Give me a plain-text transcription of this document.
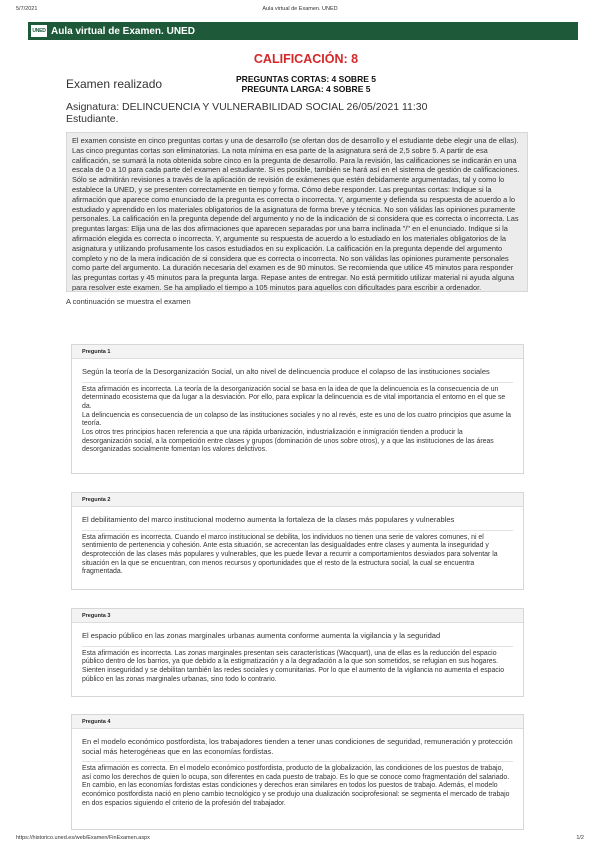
5/7/2021	Aula virtual de Examen. UNED
UNED Aula virtual de Examen. UNED
CALIFICACIÓN: 8
Examen realizado	PREGUNTAS CORTAS: 4 SOBRE 5
PREGUNTA LARGA: 4 SOBRE 5
Asignatura: DELINCUENCIA Y VULNERABILIDAD SOCIAL 26/05/2021 11:30
Estudiante.
El examen consiste en cinco preguntas cortas y una de desarrollo (se ofertan dos de desarrollo y el estudiante debe elegir una de ellas). Las cinco preguntas cortas son eliminatorias. La nota mínima en esa parte de la asignatura será de 2,5 sobre 5. A partir de esa calificación, se sumará la nota obtenida sobre cinco en la pregunta de desarrollo. Para la revisión, las calificaciones se indicarán en una escala de 0 a 10 para cada parte del examen al estudiante. Si es posible, también se hará así en el sistema de gestión de calificaciones. Sólo se admitirán revisiones a través de la aplicación de revisión de exámenes que estén debidamente argumentadas, tal y como lo establece la UNED, y se presenten correctamente en tiempo y forma. Cómo debe responder. Las preguntas cortas: Indique si la afirmación que aparece como enunciado de la pregunta es correcta o incorrecta. Y, argumente y defienda su respuesta de acuerdo a lo estudiado y aprendido en los materiales obligatorios de la asignatura de forma breve y técnica. No son válidas las opiniones puramente personales. La calificación en la pregunta depende del argumento y no de la indicación de si considera que es correcta o incorrecta. Las preguntas largas: Elija una de las dos afirmaciones que aparecen separadas por una barra inclinada "/" en el enunciado. Indique si la afirmación elegida es correcta o incorrecta. Y, argumente su respuesta de acuerdo a lo estudiado en los materiales obligatorios de la asignatura y utilizando profusamente los casos estudiados en su explicación. La calificación en la pregunta depende del argumento completo y no de la mera indicación de si considera que es correcta o incorrecta. No son válidas las opiniones puramente personales como parte del argumento. La duración necesaria del examen es de 90 minutos. Se recomienda que utilice 45 minutos para responder las preguntas cortas y 45 minutos para la pregunta larga. Repase antes de entregar. No está permitido utilizar material ni ayuda alguna para resolver este examen. Se ha ampliado el tiempo a 105 minutos para aquellos con dificultades para escribir a ordenador.
A continuación se muestra el examen
Pregunta 1
Según la teoría de la Desorganización Social, un alto nivel de delincuencia produce el colapso de las instituciones sociales

Esta afirmación es incorrecta. La teoría de la desorganización social se basa en la idea de que la delincuencia es la consecuencia de un determinado ecosistema que da lugar a la desviación. Por ello, para explicar la delincuencia es de vital importancia el entorno en el que se da.

La delincuencia es consecuencia de un colapso de las instituciones sociales y no al revés, este es uno de los cuatro principios que asume la teoría.

Los otros tres principios hacen referencia a que una rápida urbanización, industrialización e inmigración tienden a producir la desorganización social, a la competición entre clases y grupos (dominación de unos sobre otros), y a que las instituciones de las áreas desorganizadas socialmente fomentan los valores delictivos.

Pregunta 2
El debilitamiento del marco institucional moderno aumenta la fortaleza de la clases más populares y vulnerables

Esta afirmación es incorrecta. Cuando el marco institucional se debilita, los individuos no tienen una serie de valores comunes, ni el sentimiento de pertenencia y cohesión. Ante esta situación, se acrecentan las desigualdades entre clases y aumenta la inseguridad y desprotección de las clases más populares y vulnerables, que les puede llevar a recurrir a comportamientos desviados para solventar la situación en la que se encuentran, con menos recursos y oportunidades que el resto de la estructura social, la cual se encuentra fragmentada.

Pregunta 3
El espacio público en las zonas marginales urbanas aumenta conforme aumenta la vigilancia y la seguridad

Esta afirmación es incorrecta. Las zonas marginales presentan seis características (Wacquart), una de ellas es la reducción del espacio público dentro de los barrios, ya que debido a la estigmatización y a la degradación a la que son sometidos, se refugian en sus hogares. Sienten inseguridad y se debilitan también las redes sociales y comunitarias. Por lo que el aumento de la vigilancia no aumenta el espacio público en las zonas marginales urbanas, sino todo lo contrario.

Pregunta 4
En el modelo económico postfordista, los trabajadores tienden a tener unas condiciones de seguridad, remuneración y protección social más heterogéneas que en las economías fordistas.

Esta afirmación es correcta. En el modelo económico postfordista, producto de la globalización, las condiciones de los puestos de trabajo, así como los derechos de quien lo ocupa, son diferentes en cada puesto de trabajo. Es lo que se conoce como fragmentación del salariado. En cambio, en las economías fordistas estas condiciones y derechos eran similares en todos los puestos de trabajo. Además, el modelo económico postfordista nació en pleno cambio tecnológico y se produjo una dualización sociprofesional: se segmenta el mercado de trabajo en dos espacios siguiendo el criterio de la profesión del trabajador.

https://historico.uned.es/web/Examen/FinExamen.aspx	1/2
